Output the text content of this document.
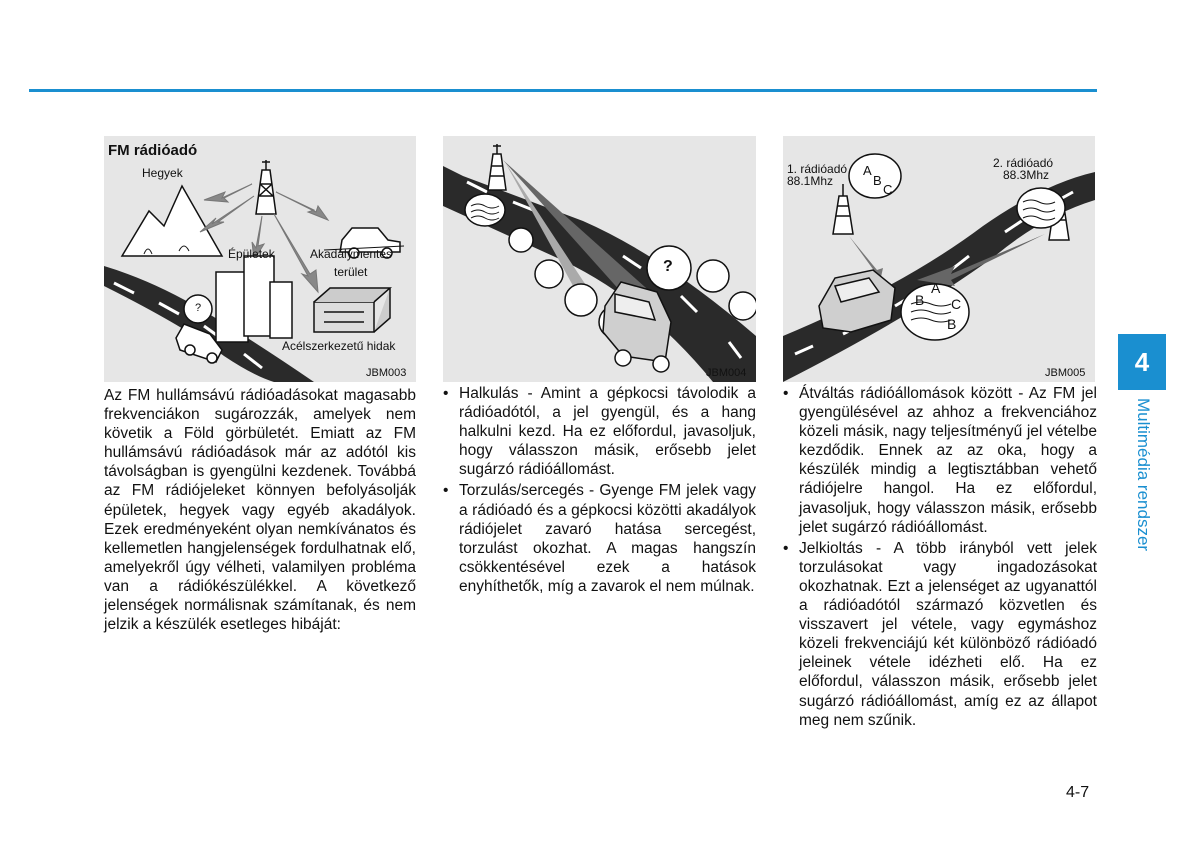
FM rádióadó
Hegyek
Épületek	Akadálymentes
terület
Acélszerkezetű hidak
?
JBM003
?
JBM004
1. rádióadó
88.1Mhz
2. rádióadó
88.3Mhz
A
B
C
A
B C
B
JBM005

Az FM hullámsávú rádióadásokat magasabb frekvenciákon sugározzák, amelyek nem követik a Föld görbületét. Emiatt az FM hullámsávú rádióadások már az adótól kis távolságban is gyengülni kezdenek. Továbbá az FM rádiójeleket könnyen befolyásolják épületek, hegyek vagy egyéb akadályok. Ezek eredményeként olyan nemkívánatos és kellemetlen hangjelenségek fordulhatnak elő, amelyekről úgy vélheti, valamilyen probléma van a rádiókészülékkel. A következő jelenségek normálisnak számítanak, és nem jelzik a készülék esetleges hibáját:

• Halkulás - Amint a gépkocsi távolodik a rádióadótól, a jel gyengül, és a hang halkulni kezd. Ha ez előfordul, javasoljuk, hogy válasszon másik, erősebb jelet sugárzó rádióállomást.
• Torzulás/sercegés - Gyenge FM jelek vagy a rádióadó és a gépkocsi közötti akadályok rádiójelet zavaró hatása sercegést, torzulást okozhat. A magas hangszín csökkentésével ezek a hatások enyhíthetők, míg a zavarok el nem múlnak.
• Átváltás rádióállomások között - Az FM jel gyengülésével az ahhoz a frekvenciához közeli másik, nagy teljesítményű jel vételbe kezdődik. Ennek az az oka, hogy a készülék mindig a legtisztábban vehető rádiójelre hangol. Ha ez előfordul, javasoljuk, hogy válasszon másik, erősebb jelet sugárzó rádióállomást.
• Jelkioltás - A több irányból vett jelek torzulásokat vagy ingadozásokat okozhatnak. Ezt a jelenséget az ugyanattól a rádióadótól származó közvetlen és visszavert jel vétele, vagy egymáshoz közeli frekvenciájú két különböző rádióadó jeleinek vétele idézheti elő. Ha ez előfordul, válasszon másik, erősebb jelet sugárzó rádióállomást, amíg ez az állapot meg nem szűnik.
4
Multimédia rendszer
4-7
